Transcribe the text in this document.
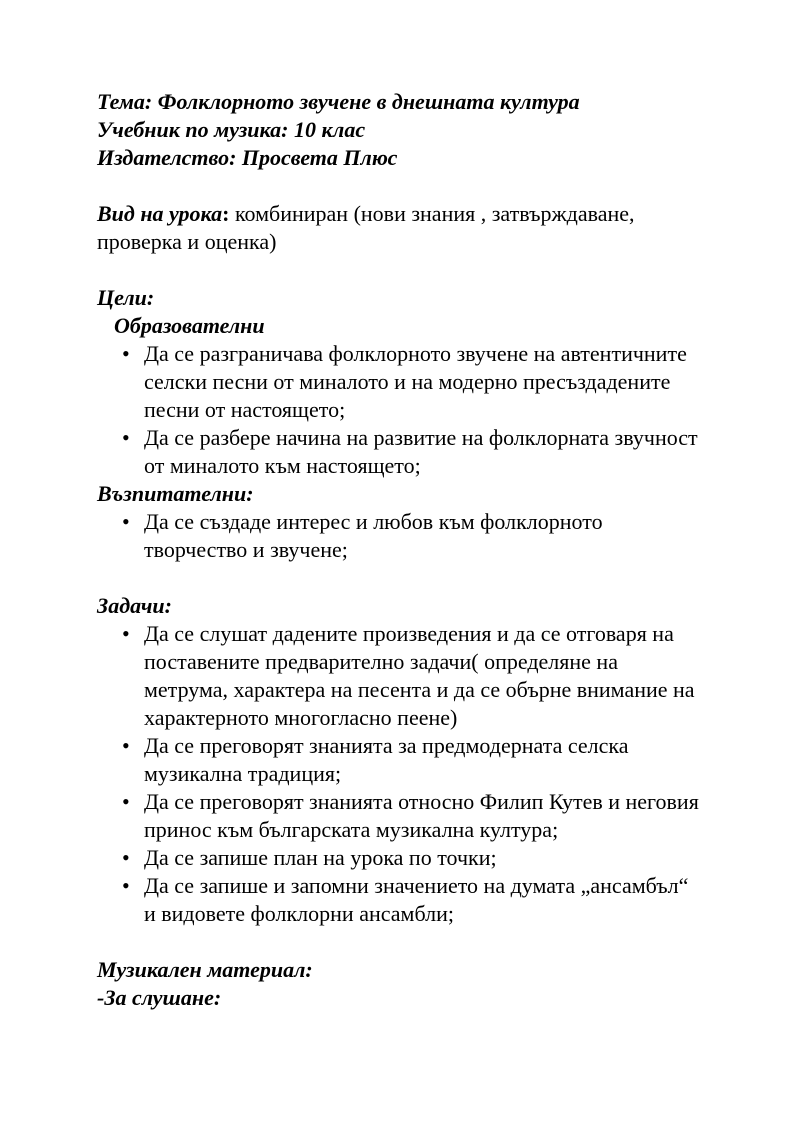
Тема: Фолклорното звучене в днешната култура
Учебник по музика: 10 клас
Издателство: Просвета Плюс
Вид на урока: комбиниран (нови знания , затвърждаване, проверка и оценка)
Цели:
Образователни
• Да се разграничава фолклорното звучене на автентичните селски песни от миналото и на модерно пресъздадените песни от настоящето;
• Да се разбере начина на развитие на фолклорната звучност от миналото към настоящето;
Възпитателни:
• Да се създаде интерес и любов към фолклорното творчество и звучене;
Задачи:
• Да се слушат дадените произведения и да се отговаря на поставените предварително задачи( определяне на метрума, характера на песента и да се обърне внимание на характерното многогласно пеене)
• Да се преговорят знанията за предмодерната селска музикална традиция;
• Да се преговорят знанията относно Филип Кутев и неговия принос към българската музикална култура;
• Да се запише план на урока по точки;
• Да се запише и запомни значението на думата „ансамбъл“ и видовете фолклорни ансамбли;
Музикален материал:
-За слушане:
